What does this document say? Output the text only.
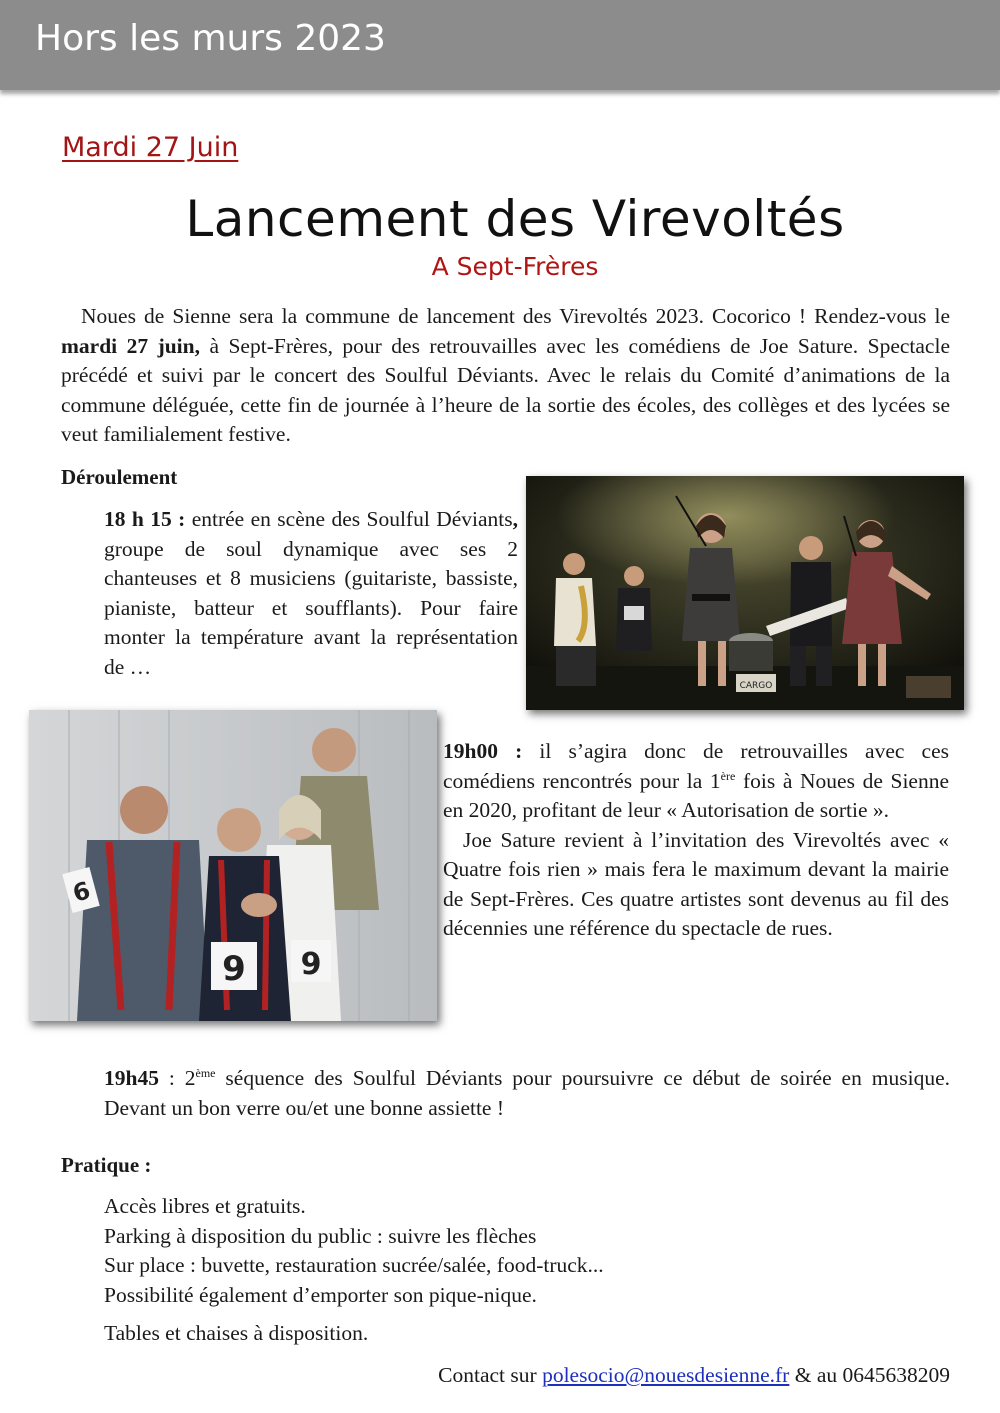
Hors les murs 2023
Mardi 27 Juin
Lancement des Virevoltés
A Sept-Frères
Noues de Sienne sera la commune de lancement des Virevoltés 2023. Cocorico ! Rendez-vous le mardi 27 juin, à Sept-Frères, pour des retrouvailles avec les comédiens de Joe Sature. Spectacle précédé et suivi par le concert des Soulful Déviants. Avec le relais du Comité d’animations de la commune déléguée, cette fin de journée à l’heure de la sortie des écoles, des collèges et des lycées se veut familialement festive.
Déroulement
CARGO
18 h 15 : entrée en scène des Soulful Déviants, groupe de soul dynamique avec ses 2 chanteuses et 8 musiciens (guitariste, bassiste, pianiste, batteur et soufflants). Pour faire monter la température avant la représentation de …
6
9 9
19h00 : il s’agira donc de retrouvailles avec ces comédiens rencontrés pour la 1ère fois à Noues de Sienne en 2020, profitant de leur « Autorisation de sortie ».
Joe Sature revient à l’invitation des Virevoltés avec « Quatre fois rien » mais fera le maximum devant la mairie de Sept-Frères. Ces quatre artistes sont devenus au fil des décennies une référence du spectacle de rues.
19h45 : 2ème séquence des Soulful Déviants pour poursuivre ce début de soirée en musique. Devant un bon verre ou/et une bonne assiette !
Pratique :
Accès libres et gratuits.
Parking à disposition du public : suivre les flèches
Sur place : buvette, restauration sucrée/salée, food-truck...
Possibilité également d’emporter son pique-nique.
Tables et chaises à disposition.
Contact sur polesocio@nouesdesienne.fr & au 0645638209
